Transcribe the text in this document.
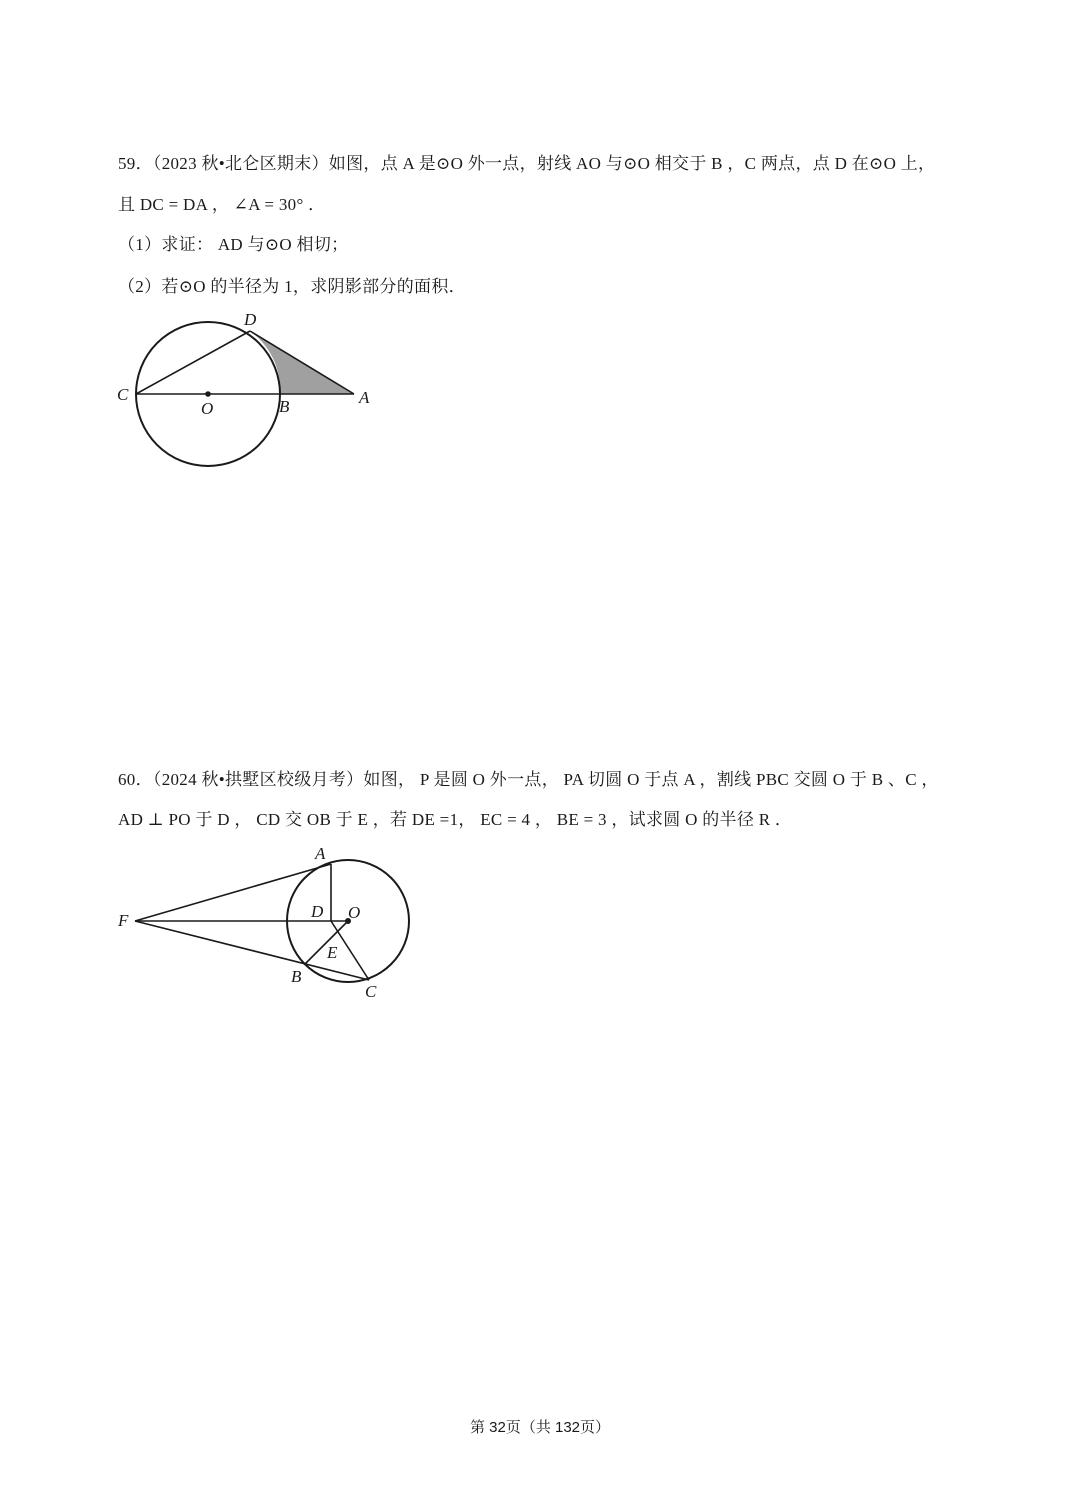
59．（2023 秋•北仑区期末）如图，点 A 是⊙O 外一点，射线 AO 与⊙O 相交于 B ，C 两点，点 D 在⊙O 上，
且 DC = DA ， ∠A = 30° ．
（1）求证： AD 与⊙O 相切；
（2）若⊙O 的半径为 1，求阴影部分的面积．
D
C
O	B	A
60．（2024 秋•拱墅区校级月考）如图， P 是圆 O 外一点， PA 切圆 O 于点 A ，割线 PBC 交圆 O 于 B 、C ，
AD ⊥ PO 于 D ， CD 交 OB 于 E ，若 DE =1， EC = 4 ， BE = 3 ，试求圆 O 的半径 R ．
A
F	D O
E
B
C
第 32页（共 132页）
